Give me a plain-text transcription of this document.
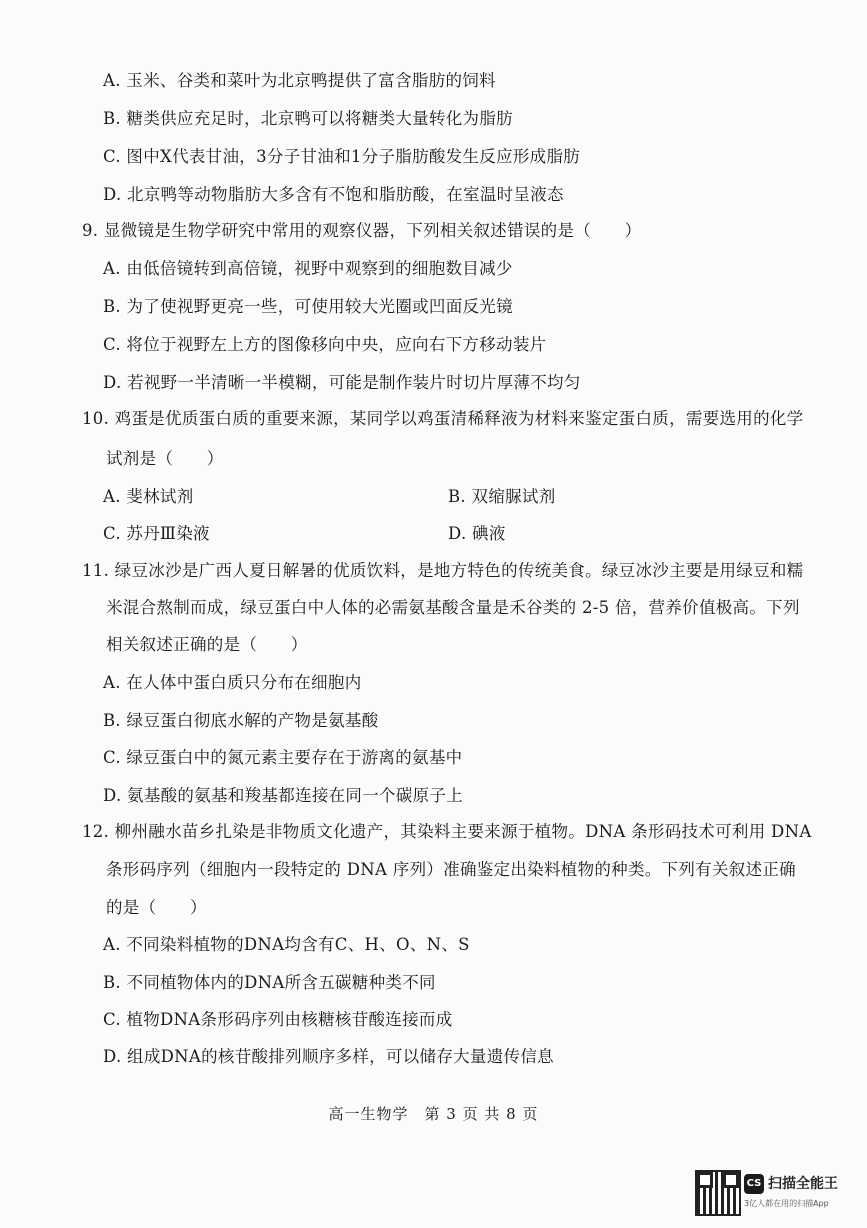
A. 玉米、谷类和菜叶为北京鸭提供了富含脂肪的饲料
B. 糖类供应充足时，北京鸭可以将糖类大量转化为脂肪
C. 图中X代表甘油，3分子甘油和1分子脂肪酸发生反应形成脂肪
D. 北京鸭等动物脂肪大多含有不饱和脂肪酸，在室温时呈液态
9. 显微镜是生物学研究中常用的观察仪器，下列相关叙述错误的是（　　）
A. 由低倍镜转到高倍镜，视野中观察到的细胞数目减少
B. 为了使视野更亮一些，可使用较大光圈或凹面反光镜
C. 将位于视野左上方的图像移向中央，应向右下方移动装片
D. 若视野一半清晰一半模糊，可能是制作装片时切片厚薄不均匀
10. 鸡蛋是优质蛋白质的重要来源，某同学以鸡蛋清稀释液为材料来鉴定蛋白质，需要选用的化学
试剂是（　　）
A. 斐林试剂	B. 双缩脲试剂
C. 苏丹Ⅲ染液	D. 碘液
11. 绿豆冰沙是广西人夏日解暑的优质饮料，是地方特色的传统美食。绿豆冰沙主要是用绿豆和糯
米混合熬制而成，绿豆蛋白中人体的必需氨基酸含量是禾谷类的 2-5 倍，营养价值极高。下列
相关叙述正确的是（　　）
A. 在人体中蛋白质只分布在细胞内
B. 绿豆蛋白彻底水解的产物是氨基酸
C. 绿豆蛋白中的氮元素主要存在于游离的氨基中
D. 氨基酸的氨基和羧基都连接在同一个碳原子上
12. 柳州融水苗乡扎染是非物质文化遗产，其染料主要来源于植物。DNA 条形码技术可利用 DNA
条形码序列（细胞内一段特定的 DNA 序列）准确鉴定出染料植物的种类。下列有关叙述正确
的是（　　）
A. 不同染料植物的DNA均含有C、H、O、N、S
B. 不同植物体内的DNA所含五碳糖种类不同
C. 植物DNA条形码序列由核糖核苷酸连接而成
D. 组成DNA的核苷酸排列顺序多样，可以储存大量遗传信息
高一生物学　第 3 页 共 8 页
CS 扫描全能王
3亿人都在用的扫描App
